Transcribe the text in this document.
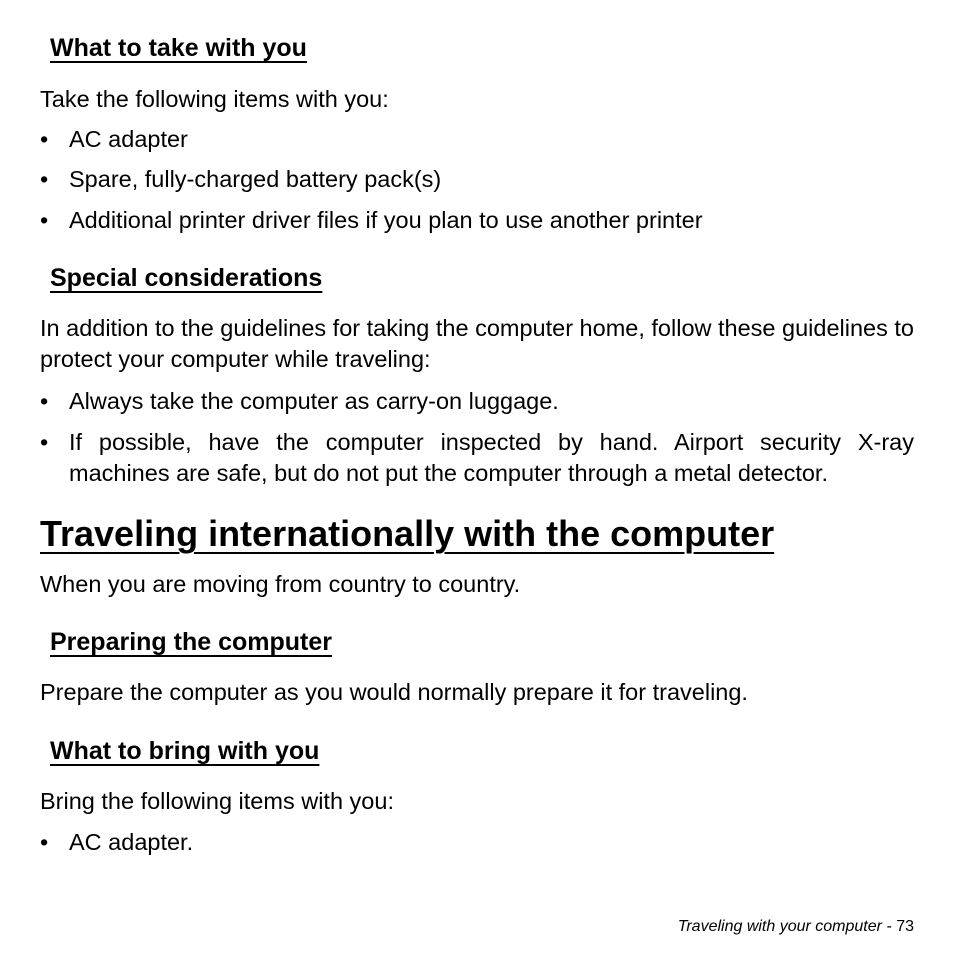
What to take with you

Take the following items with you:

• AC adapter
• Spare, fully-charged battery pack(s)
• Additional printer driver files if you plan to use another printer
Special considerations

In addition to the guidelines for taking the computer home, follow these guidelines to protect your computer while traveling:

• Always take the computer as carry-on luggage.
• If possible, have the computer inspected by hand. Airport security X-ray machines are safe, but do not put the computer through a metal detector.
Traveling internationally with the computer

When you are moving from country to country.

Preparing the computer

Prepare the computer as you would normally prepare it for traveling.

What to bring with you

Bring the following items with you:

• AC adapter.
Traveling with your computer - 73
